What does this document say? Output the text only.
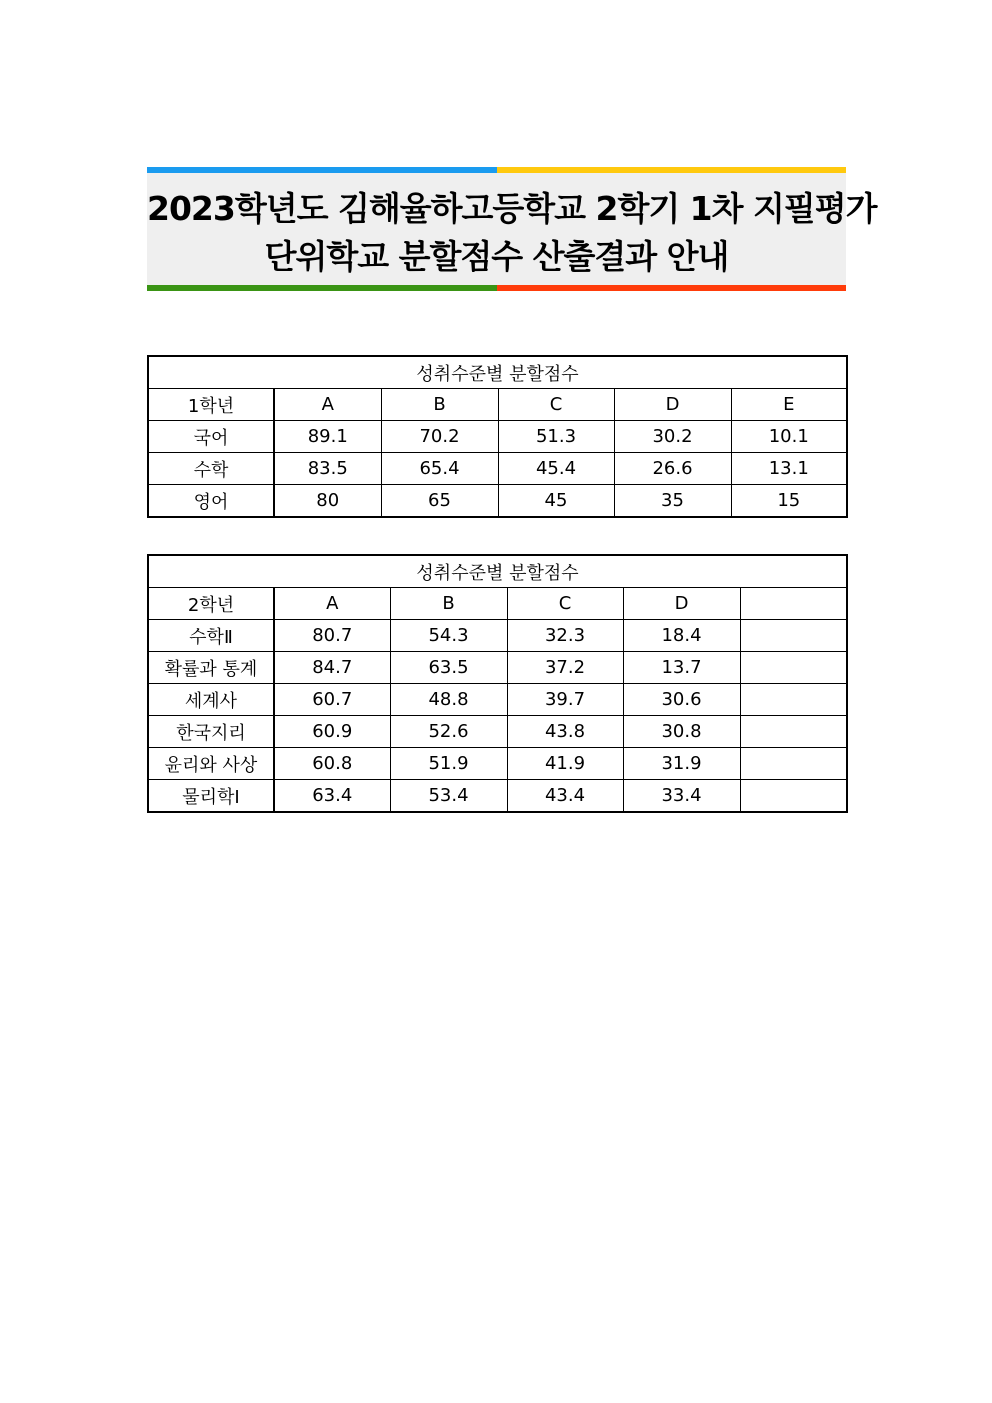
2023학년도 김해율하고등학교 2학기 1차 지필평가
단위학교 분할점수 산출결과 안내
성취수준별 분할점수					
1학년	A	B	C	D	E
국어	89.1	70.2	51.3	30.2	10.1
수학	83.5	65.4	45.4	26.6	13.1
영어	80	65	45	35	15
성취수준별 분할점수					
2학년	A	B	C	D	
수학Ⅱ	80.7	54.3	32.3	18.4	
확률과 통계	84.7	63.5	37.2	13.7	
세계사	60.7	48.8	39.7	30.6	
한국지리	60.9	52.6	43.8	30.8	
윤리와 사상	60.8	51.9	41.9	31.9	
물리학Ⅰ	63.4	53.4	43.4	33.4	
